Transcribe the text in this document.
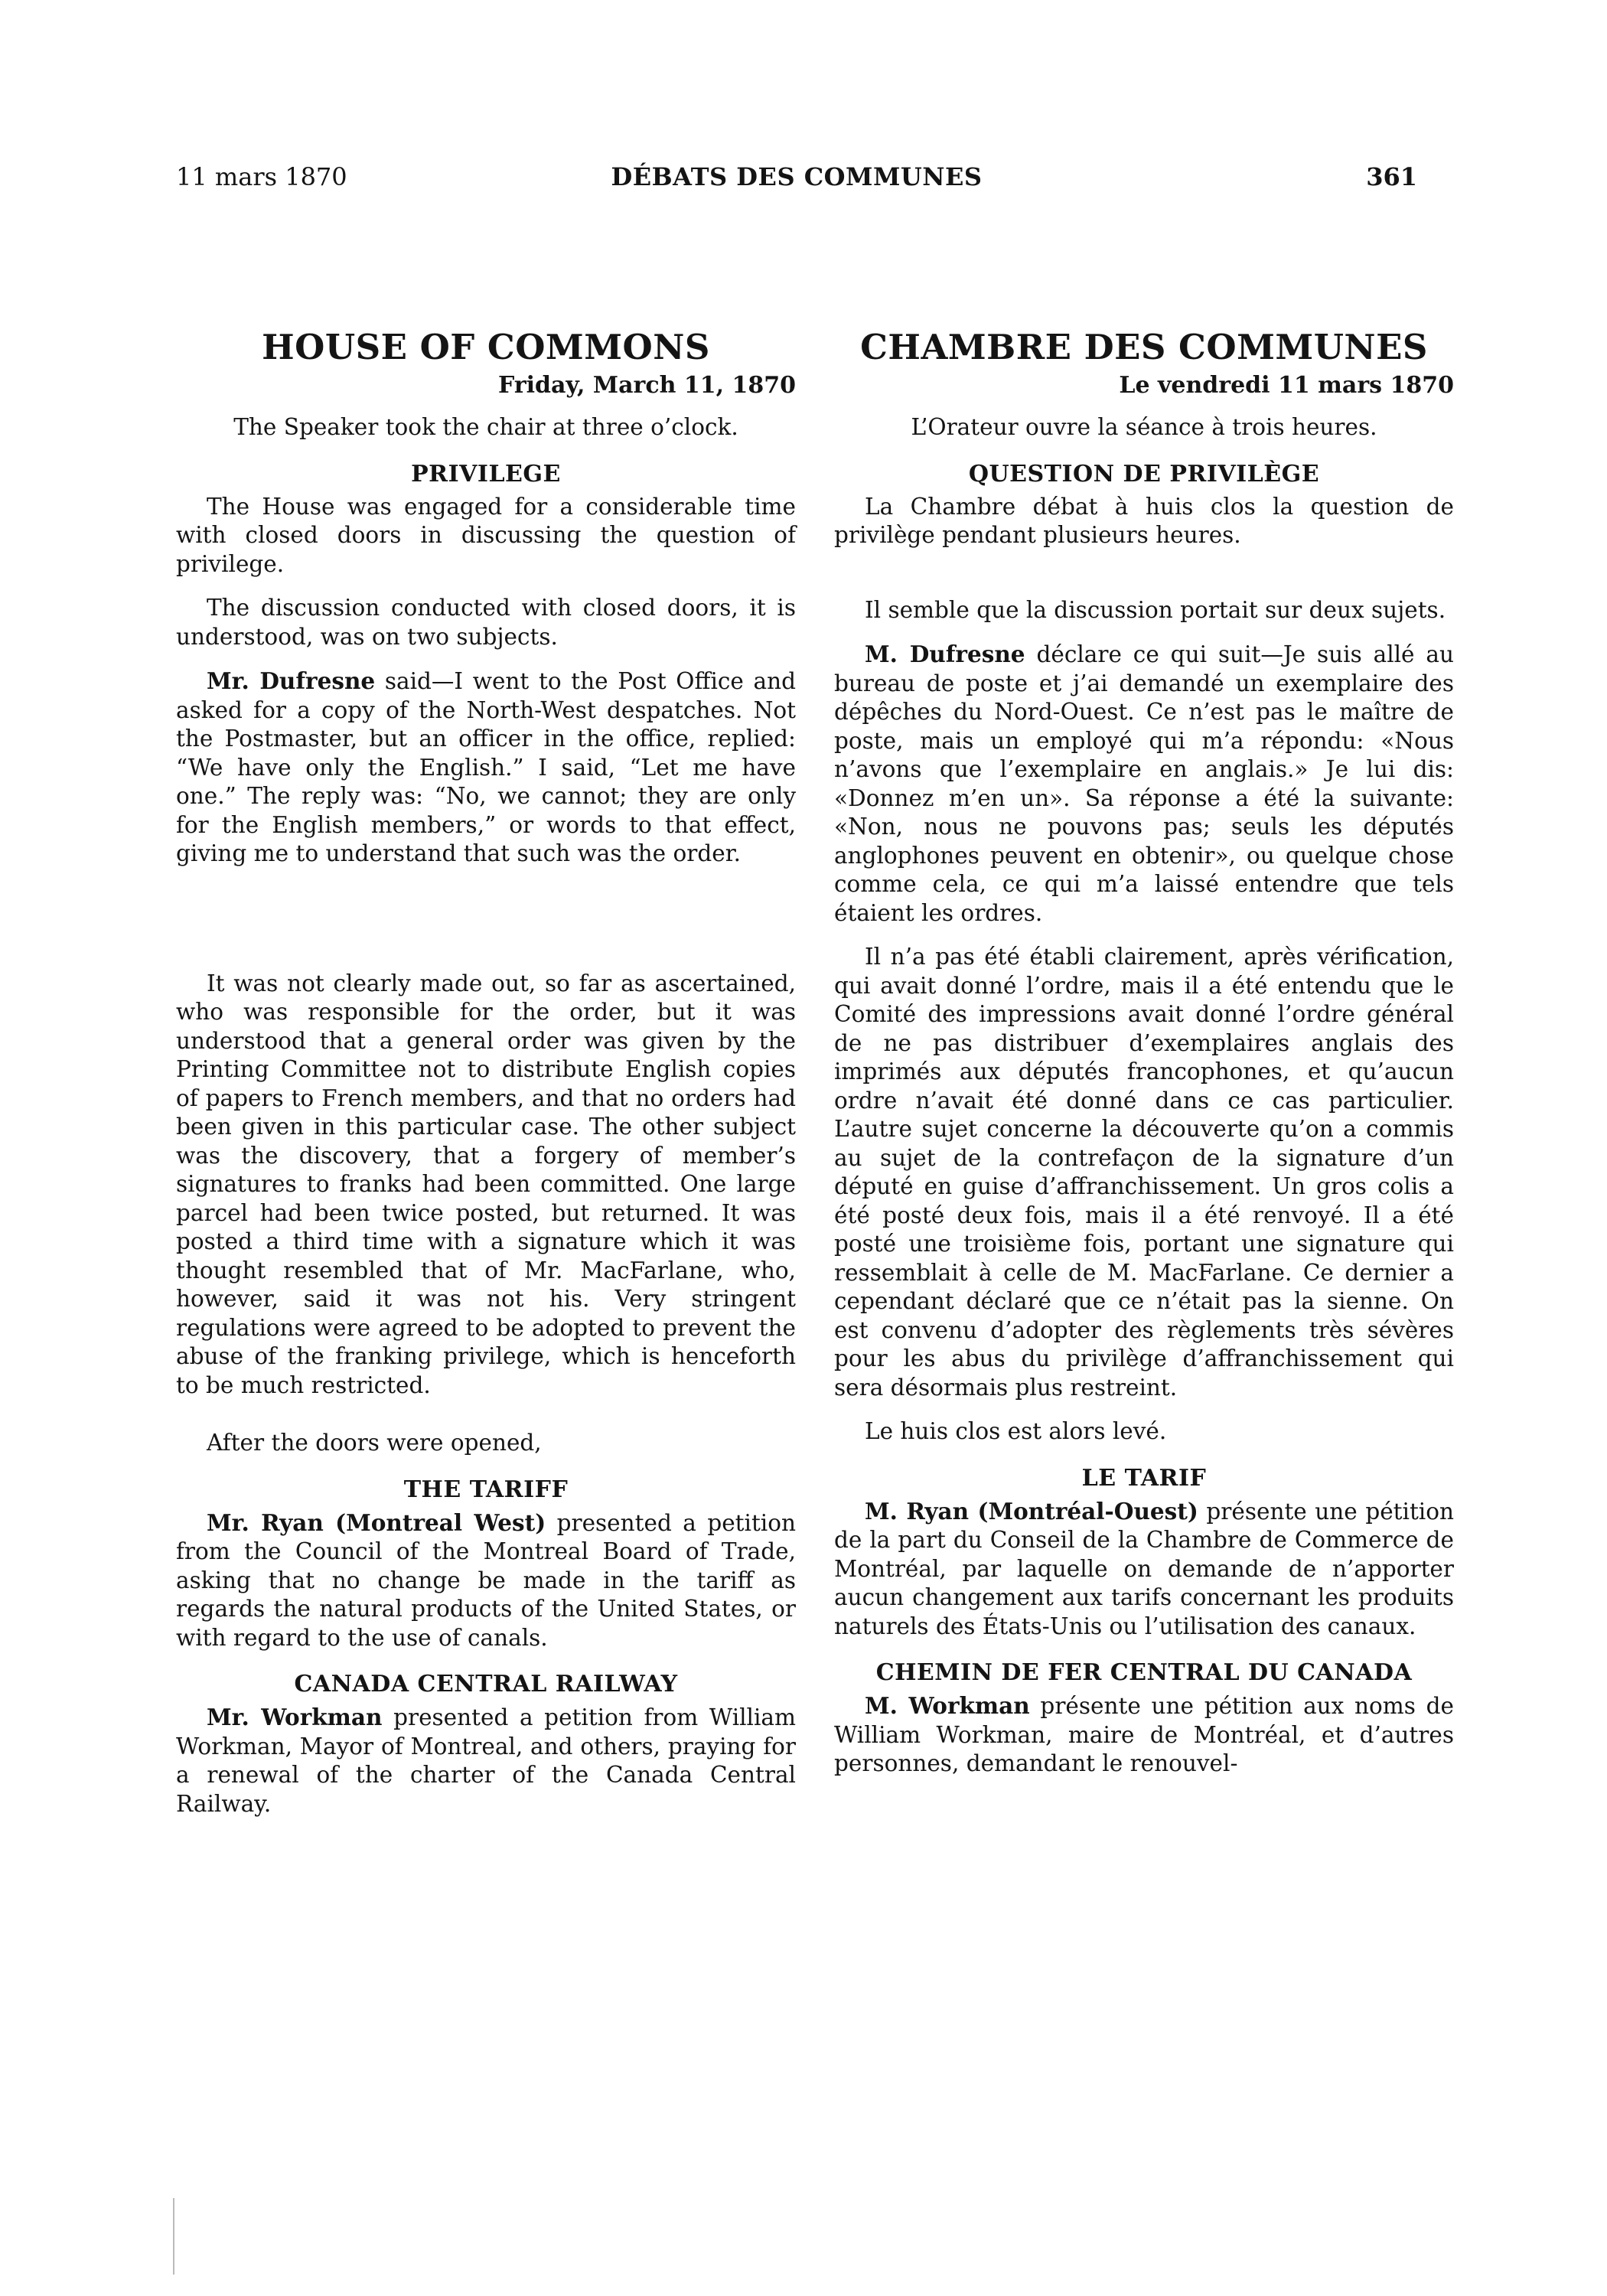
11 mars 1870	DÉBATS DES COMMUNES	361
HOUSE OF COMMONS
Friday, March 11, 1870
The Speaker took the chair at three o’clock.
PRIVILEGE

The House was engaged for a considerable time with closed doors in discussing the question of privilege.

The discussion conducted with closed doors, it is understood, was on two subjects.

Mr. Dufresne said—I went to the Post Office and asked for a copy of the North-West despatches. Not the Postmaster, but an officer in the office, replied: “We have only the English.” I said, “Let me have one.” The reply was: “No, we cannot; they are only for the English members,” or words to that effect, giving me to understand that such was the order.

It was not clearly made out, so far as ascertained, who was responsible for the order, but it was understood that a general order was given by the Printing Committee not to distribute English copies of papers to French members, and that no orders had been given in this particular case. The other subject was the discovery, that a forgery of member’s signatures to franks had been committed. One large parcel had been twice posted, but returned. It was posted a third time with a signature which it was thought resembled that of Mr. MacFarlane, who, however, said it was not his. Very stringent regulations were agreed to be adopted to prevent the abuse of the franking privilege, which is henceforth to be much restricted.

After the doors were opened,

THE TARIFF

Mr. Ryan (Montreal West) presented a petition from the Council of the Montreal Board of Trade, asking that no change be made in the tariff as regards the natural products of the United States, or with regard to the use of canals.

CANADA CENTRAL RAILWAY

Mr. Workman presented a petition from William Workman, Mayor of Montreal, and others, praying for a renewal of the charter of the Canada Central Railway.

CHAMBRE DES COMMUNES
Le vendredi 11 mars 1870
L’Orateur ouvre la séance à trois heures.
QUESTION DE PRIVILÈGE

La Chambre débat à huis clos la question de privilège pendant plusieurs heures.

Il semble que la discussion portait sur deux sujets.

M. Dufresne déclare ce qui suit—Je suis allé au bureau de poste et j’ai demandé un exemplaire des dépêches du Nord-Ouest. Ce n’est pas le maître de poste, mais un employé qui m’a répondu: «Nous n’avons que l’exemplaire en anglais.» Je lui dis: «Donnez m’en un». Sa réponse a été la suivante: «Non, nous ne pouvons pas; seuls les députés anglophones peuvent en obtenir», ou quelque chose comme cela, ce qui m’a laissé entendre que tels étaient les ordres.

Il n’a pas été établi clairement, après vérification, qui avait donné l’ordre, mais il a été entendu que le Comité des impressions avait donné l’ordre général de ne pas distribuer d’exemplaires anglais des imprimés aux députés francophones, et qu’aucun ordre n’avait été donné dans ce cas particulier. L’autre sujet concerne la découverte qu’on a commis au sujet de la contrefaçon de la signature d’un député en guise d’affranchissement. Un gros colis a été posté deux fois, mais il a été renvoyé. Il a été posté une troisième fois, portant une signature qui ressemblait à celle de M. MacFarlane. Ce dernier a cependant déclaré que ce n’était pas la sienne. On est convenu d’adopter des règlements très sévères pour les abus du privilège d’affranchissement qui sera désormais plus restreint.

Le huis clos est alors levé.

LE TARIF

M. Ryan (Montréal-Ouest) présente une pétition de la part du Conseil de la Chambre de Commerce de Montréal, par laquelle on demande de n’apporter aucun changement aux tarifs concernant les produits naturels des États-Unis ou l’utilisation des canaux.

CHEMIN DE FER CENTRAL DU CANADA

M. Workman présente une pétition aux noms de William Workman, maire de Montréal, et d’autres personnes, demandant le renouvel-
